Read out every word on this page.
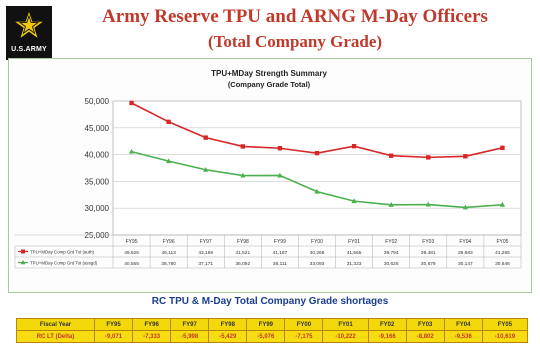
U.S.ARMY
Army Reserve TPU and ARNG M-Day Officers
(Total Company Grade)
TPU+MDay Strength Summary
(Company Grade Total)
25,000
30,000
35,000
40,000
45,000
50,000
FY95	FY96	FY97	FY98	FY99	FY00	FY01	FY02	FY03	FY04	FY05
49,626	46,113	43,169	41,521	41,187	40,268	41,565	39,794	39,481	39,683	41,265
TPU+MDay Comp Grd Tot (auth)
40,555	38,780	37,171	36,092	36,111	33,093	31,323	30,628	30,679	30,147	30,646
TPU+MDay Comp Grd Tot (assgd)
RC TPU & M-Day Total Company Grade shortages
Fiscal Year	FY95	FY96	FY97	FY98	FY99	FY00	FY01	FY02	FY03	FY04	FY05
RC LT (Delta)	-9,071	-7,333	-5,998	-5,429	-5,076	-7,175	-10,222	-9,166	-8,802	-9,536	-10,619
